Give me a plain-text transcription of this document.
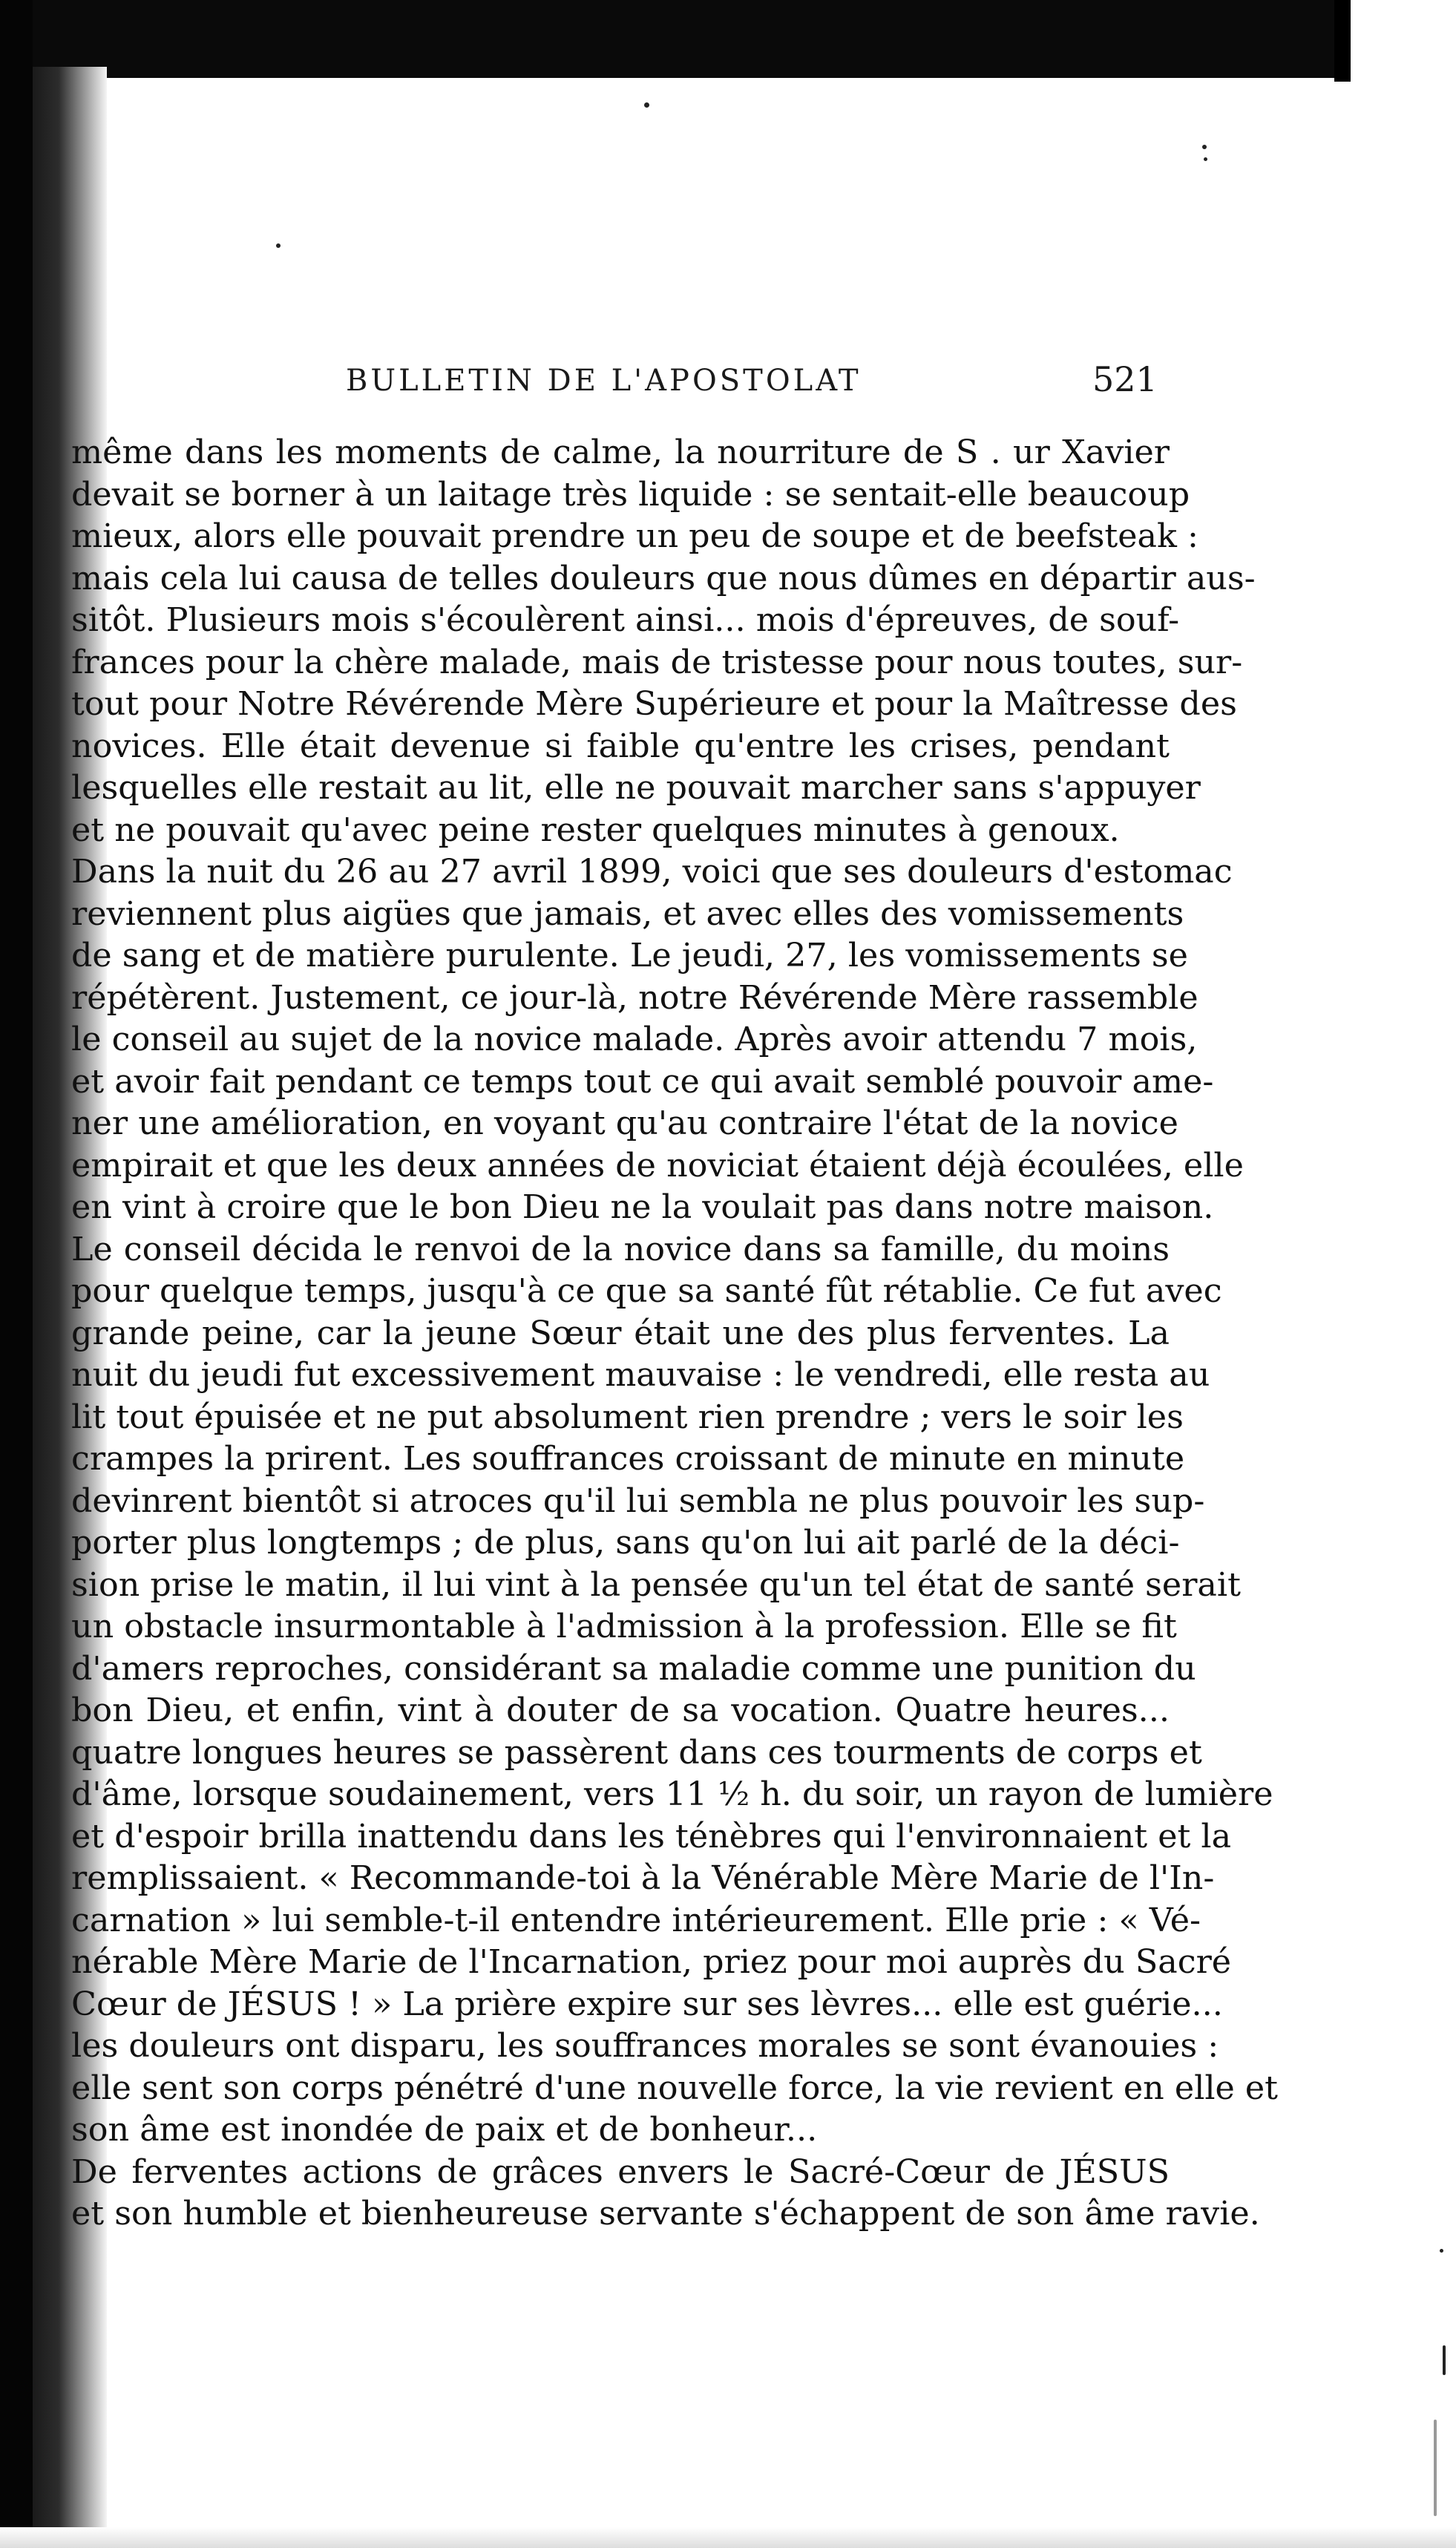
BULLETIN DE L'APOSTOLAT	521

même dans les moments de calme, la nourriture de S . ur Xavier
devait se borner à un laitage très liquide : se sentait-elle beaucoup
mieux, alors elle pouvait prendre un peu de soupe et de beefsteak :
mais cela lui causa de telles douleurs que nous dûmes en départir aus-
sitôt. Plusieurs mois s'écoulèrent ainsi... mois d'épreuves, de souf-
frances pour la chère malade, mais de tristesse pour nous toutes, sur-
tout pour Notre Révérende Mère Supérieure et pour la Maîtresse des
novices. Elle était devenue si faible qu'entre les crises, pendant
lesquelles elle restait au lit, elle ne pouvait marcher sans s'appuyer
et ne pouvait qu'avec peine rester quelques minutes à genoux.

Dans la nuit du 26 au 27 avril 1899, voici que ses douleurs d'estomac
reviennent plus aigües que jamais, et avec elles des vomissements
de sang et de matière purulente. Le jeudi, 27, les vomissements se
répétèrent. Justement, ce jour-là, notre Révérende Mère rassemble
le conseil au sujet de la novice malade. Après avoir attendu 7 mois,
et avoir fait pendant ce temps tout ce qui avait semblé pouvoir ame-
ner une amélioration, en voyant qu'au contraire l'état de la novice
empirait et que les deux années de noviciat étaient déjà écoulées, elle
en vint à croire que le bon Dieu ne la voulait pas dans notre maison.
Le conseil décida le renvoi de la novice dans sa famille, du moins
pour quelque temps, jusqu'à ce que sa santé fût rétablie. Ce fut avec
grande peine, car la jeune Sœur était une des plus ferventes. La
nuit du jeudi fut excessivement mauvaise : le vendredi, elle resta au
lit tout épuisée et ne put absolument rien prendre ; vers le soir les
crampes la prirent. Les souffrances croissant de minute en minute
devinrent bientôt si atroces qu'il lui sembla ne plus pouvoir les sup-
porter plus longtemps ; de plus, sans qu'on lui ait parlé de la déci-
sion prise le matin, il lui vint à la pensée qu'un tel état de santé serait
un obstacle insurmontable à l'admission à la profession. Elle se fit
d'amers reproches, considérant sa maladie comme une punition du
bon Dieu, et enfin, vint à douter de sa vocation. Quatre heures...
quatre longues heures se passèrent dans ces tourments de corps et
d'âme, lorsque soudainement, vers 11 ½ h. du soir, un rayon de lumière
et d'espoir brilla inattendu dans les ténèbres qui l'environnaient et la
remplissaient. « Recommande-toi à la Vénérable Mère Marie de l'In-
carnation » lui semble-t-il entendre intérieurement. Elle prie : « Vé-
nérable Mère Marie de l'Incarnation, priez pour moi auprès du Sacré
Cœur de JÉSUS ! » La prière expire sur ses lèvres... elle est guérie...
les douleurs ont disparu, les souffrances morales se sont évanouies :
elle sent son corps pénétré d'une nouvelle force, la vie revient en elle et
son âme est inondée de paix et de bonheur...

De ferventes actions de grâces envers le Sacré-Cœur de JÉSUS
et son humble et bienheureuse servante s'échappent de son âme ravie.
